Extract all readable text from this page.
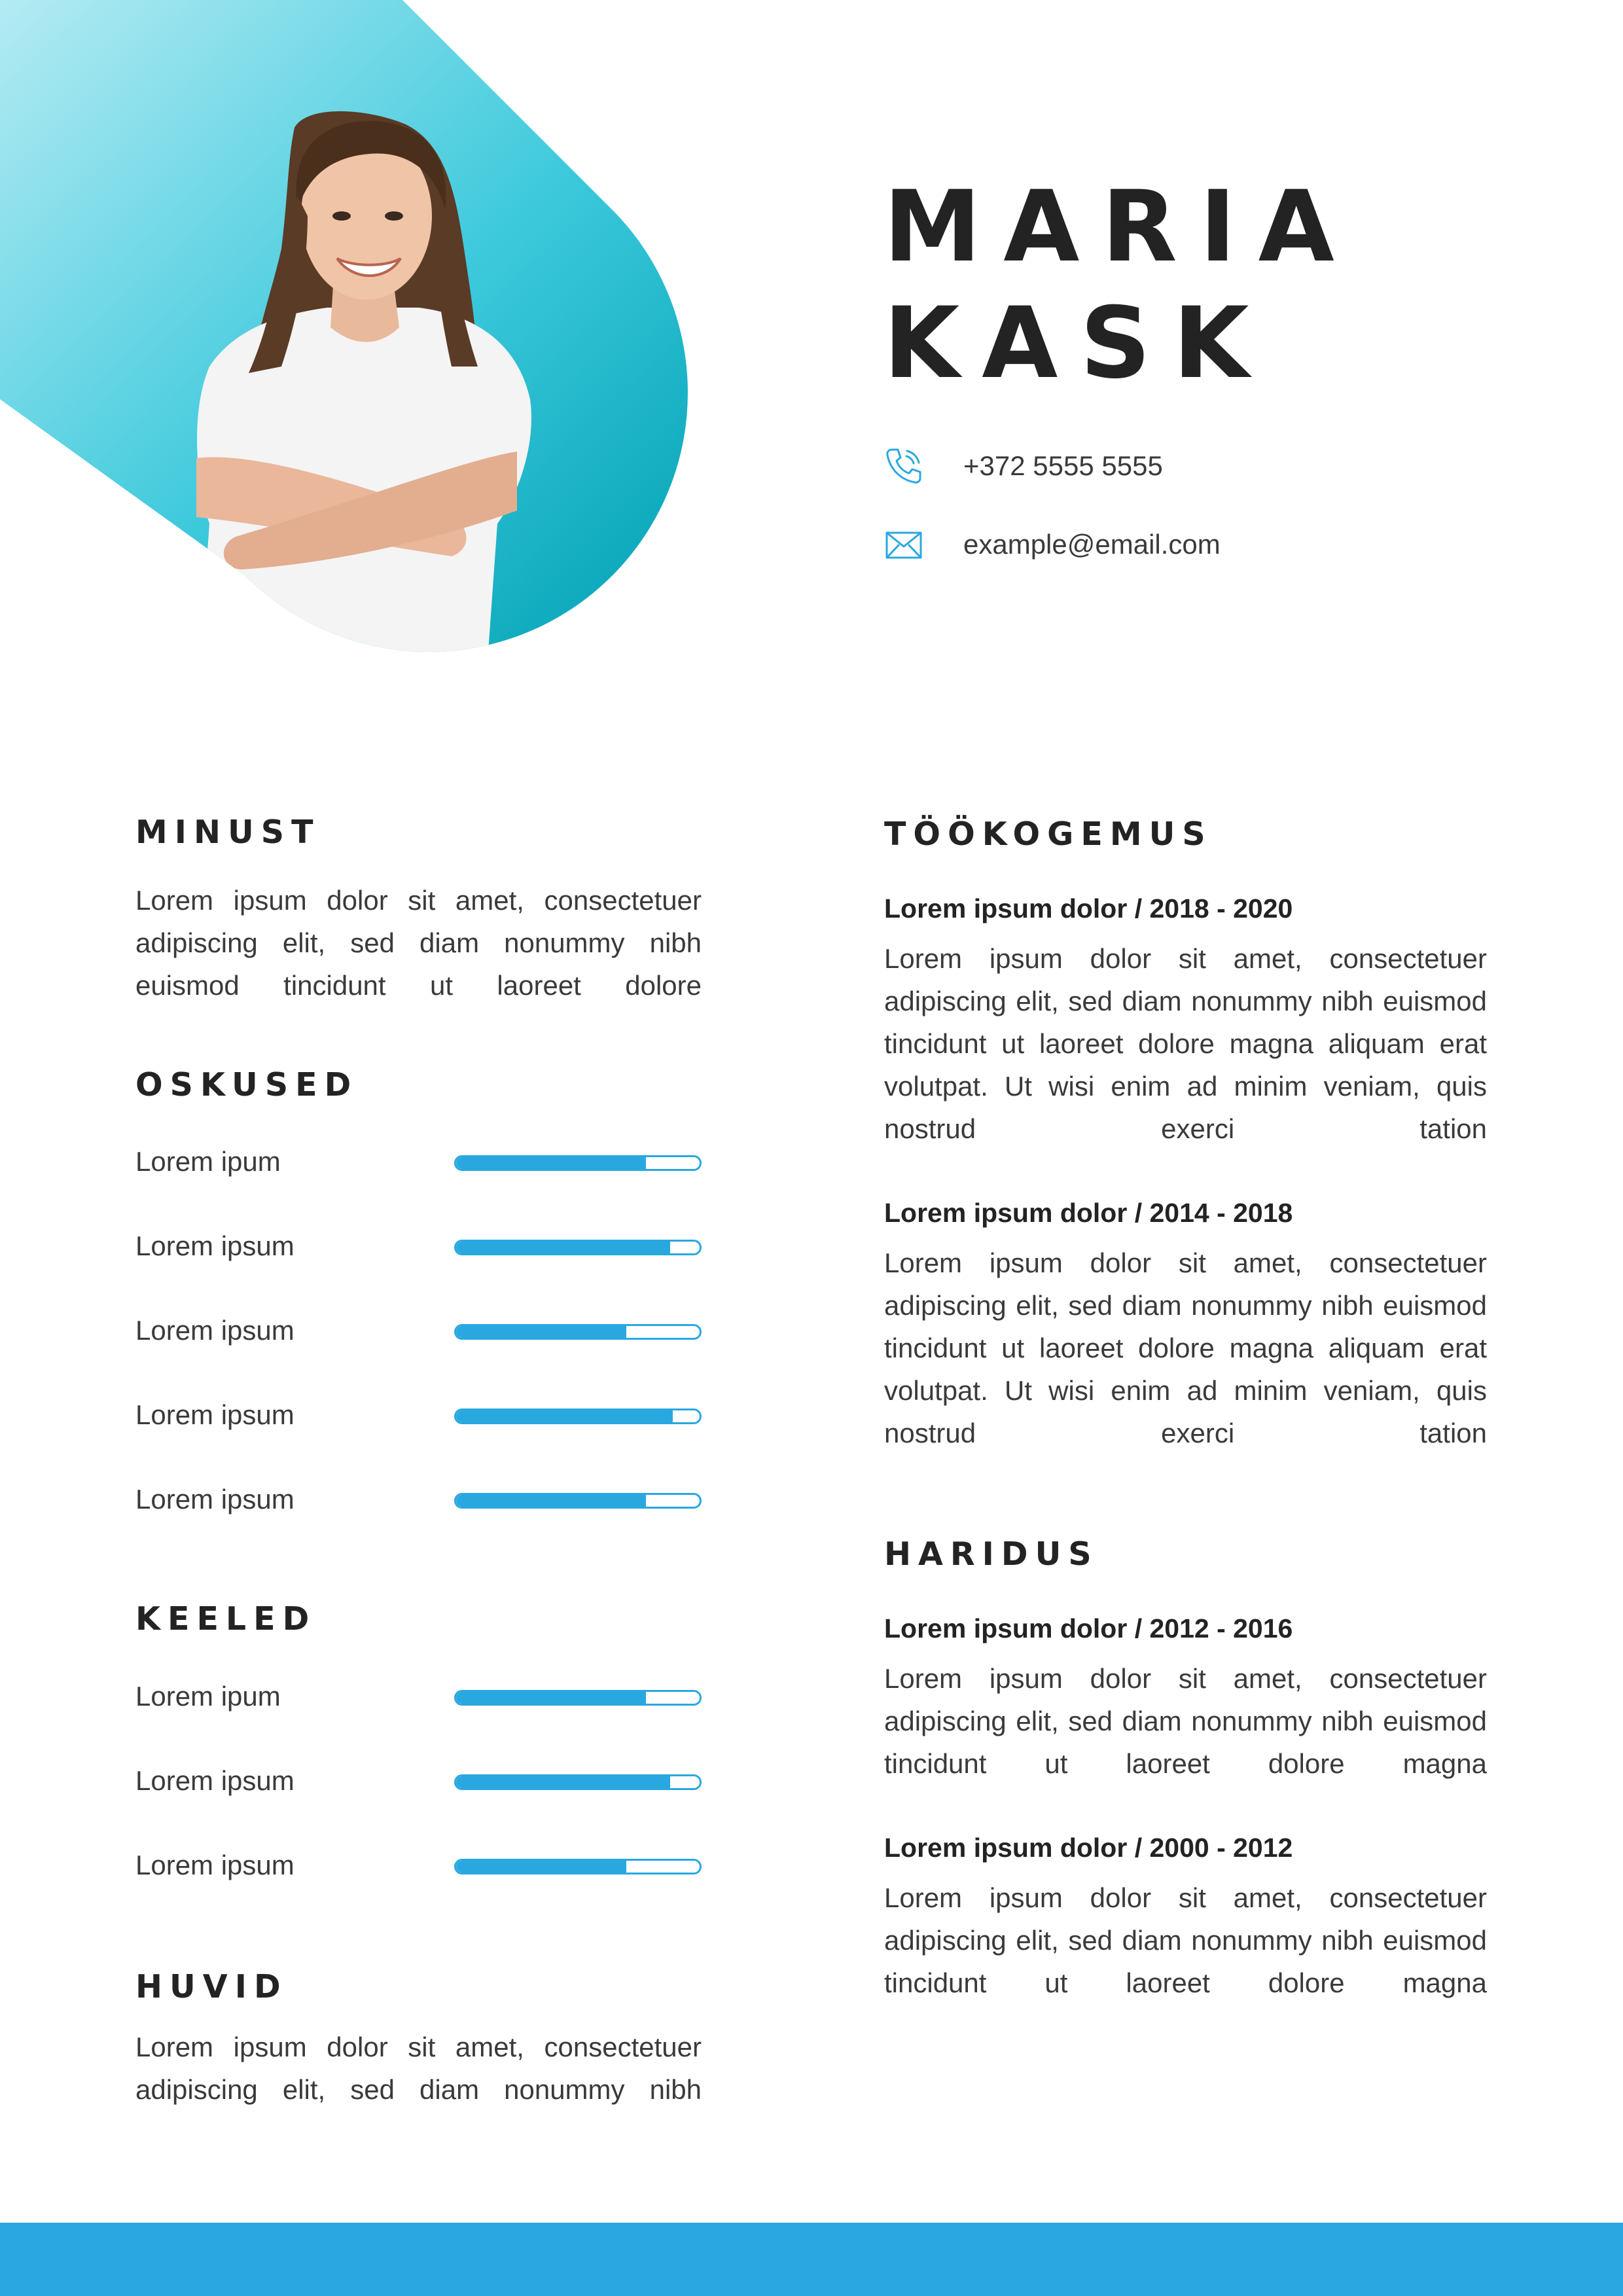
MARIA
KASK
+372 5555 5555
example@email.com
MINUST

Lorem ipsum dolor sit amet, consectetuer adipiscing elit, sed diam nonummy nibh euismod tincidunt ut laoreet dolore

OSKUSED
Lorem ipum
Lorem ipsum
Lorem ipsum
Lorem ipsum
Lorem ipsum
KEELED
Lorem ipum
Lorem ipsum
Lorem ipsum
HUVID

Lorem ipsum dolor sit amet, consectetuer adipiscing elit, sed diam nonummy nibh

TÖÖKOGEMUS
Lorem ipsum dolor / 2018 - 2020

Lorem ipsum dolor sit amet, consectetuer adipiscing elit, sed diam nonummy nibh euismod tincidunt ut laoreet dolore magna aliquam erat volutpat. Ut wisi enim ad minim veniam, quis nostrud exerci tation

Lorem ipsum dolor / 2014 - 2018

Lorem ipsum dolor sit amet, consectetuer adipiscing elit, sed diam nonummy nibh euismod tincidunt ut laoreet dolore magna aliquam erat volutpat. Ut wisi enim ad minim veniam, quis nostrud exerci tation

HARIDUS
Lorem ipsum dolor / 2012 - 2016

Lorem ipsum dolor sit amet, consectetuer adipiscing elit, sed diam nonummy nibh euismod tincidunt ut laoreet dolore magna

Lorem ipsum dolor / 2000 - 2012

Lorem ipsum dolor sit amet, consectetuer adipiscing elit, sed diam nonummy nibh euismod tincidunt ut laoreet dolore magna
